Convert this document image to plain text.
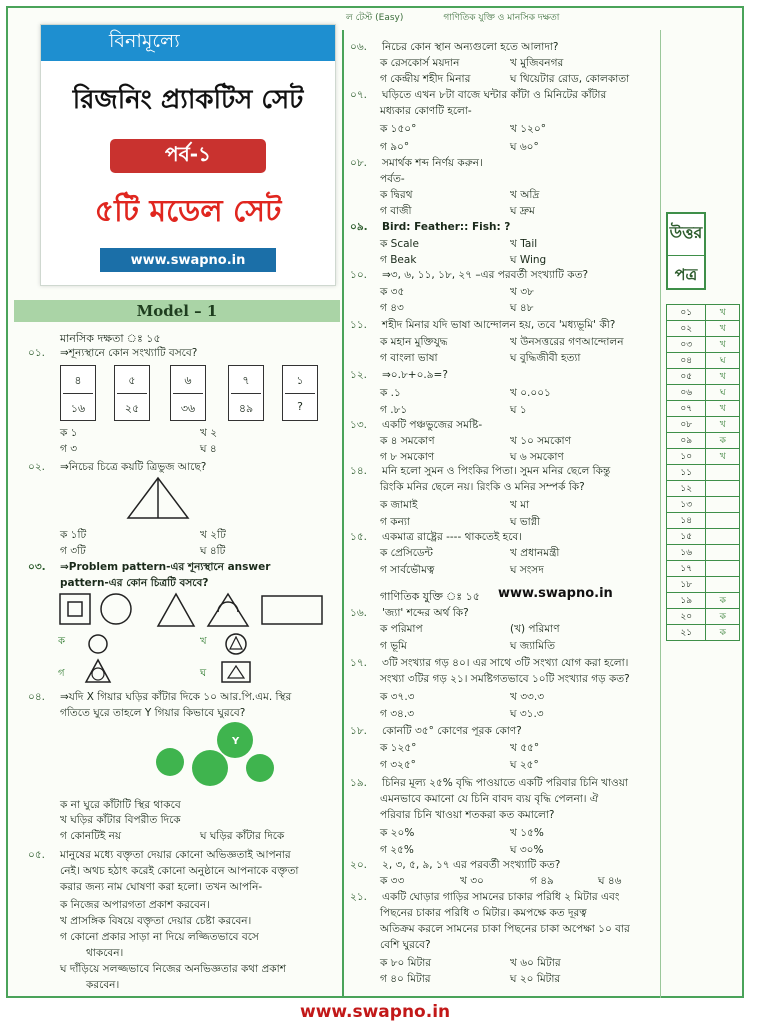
ল টেস্ট (Easy)	গাণিতিক যুক্তি ও মানসিক দক্ষতা
বিনামূল্যে
রিজনিং প্র্যাকটিস সেট
পর্ব-১
৫টি মডেল সেট
www.swapno.in
Model – 1
মানসিক দক্ষতা ঃ ১৫
০১. ⇒শূন্যস্থানে কোন সংখ্যাটি বসবে?
৪
১৬
৫
২৫
৬
৩৬
৭
৪৯
১
?
ক ১	খ ২
গ ৩	ঘ ৪
০২. ⇒নিচের চিত্রে কয়টি ত্রিভুজ আছে?
ক ১টি	খ ২টি
গ ৩টি	ঘ ৪টি
০৩. ⇒Problem pattern-এর শূন্যস্থানে answer
pattern-এর কোন চিত্রটি বসবে?
ক	খ
গ	ঘ
০৪. ⇒যদি X গিয়ার ঘড়ির কাঁটার দিকে ১০ আর.পি.এম. স্থির
গতিতে ঘুরে তাহলে Y গিয়ার কিভাবে ঘুরবে?
Y
ক না ঘুরে কাঁটাটি স্থির থাকবে
খ ঘড়ির কাঁটার বিপরীত দিকে
গ কোনটিই নয়	ঘ ঘড়ির কাঁটার দিকে
০৫. মানুষের মধ্যে বক্তৃতা দেয়ার কোনো অভিজ্ঞতাই আপনার
নেই। অথচ হঠাৎ করেই কোনো অনুষ্ঠানে আপনাকে বক্তৃতা
করার জন্য নাম ঘোষণা করা হলো। তখন আপনি-
ক নিজের অপারগতা প্রকাশ করবেন।
খ প্রাসঙ্গিক বিষয়ে বক্তৃতা দেয়ার চেষ্টা করবেন।
গ কোনো প্রকার সাড়া না দিয়ে লজ্জিতভাবে বসে
থাকবেন।
ঘ দাঁড়িয়ে সলজ্জভাবে নিজের অনভিজ্ঞতার কথা প্রকাশ
করবেন।
০৬. নিচের কোন স্থান অন্যগুলো হতে আলাদা?
ক রেসকোর্স ময়দান	খ মুজিবনগর
গ কেন্দ্রীয় শহীদ মিনার	ঘ থিয়েটার রোড, কোলকাতা
০৭. ঘড়িতে এখন ৮টা বাজে ঘন্টার কাঁটা ও মিনিটের কাঁটার
মধ্যকার কোণটি হলো-
ক ১৫০°	খ ১২০°
গ ৯০°	ঘ ৬০°
০৮. সমার্থক শব্দ নির্ণয় করুন।
পর্বত-
ক দ্বিরথ	খ অদ্রি
গ বাজী	ঘ দ্রুম
০৯. Bird: Feather:: Fish: ?
ক Scale	খ Tail
গ Beak	ঘ Wing
১০. ⇒৩, ৬, ১১, ১৮, ২৭ –এর পরবর্তী সংখ্যাটি কত?
ক ৩৫	খ ৩৮
গ ৪৩	ঘ ৪৮
১১. শহীদ মিনার যদি ভাষা আন্দোলন হয়, তবে 'মধ্যভূমি' কী?
ক মহান মুক্তিযুদ্ধ	খ উনসত্তরের গণআন্দোলন
গ বাংলা ভাষা	ঘ বুদ্ধিজীবী হত্যা
১২. ⇒০.৮+০.৯=?
ক .১	খ ০.০০১
গ .৮১	ঘ ১
১৩. একটি পঞ্চভুজের সমষ্টি-
ক ৪ সমকোণ	খ ১০ সমকোণ
গ ৮ সমকোণ	ঘ ৬ সমকোণ
১৪. মনি হলো সুমন ও পিংকির পিতা। সুমন মনির ছেলে কিন্তু
রিংকি মনির ছেলে নয়। রিংকি ও মনির সম্পর্ক কি?
ক জামাই	খ মা
গ কন্যা	ঘ ভাগ্নী
১৫. একমাত্র রাষ্ট্রের ---- থাকতেই হবে।
ক প্রেসিডেন্ট	খ প্রধানমন্ত্রী
গ সার্বভৌমত্ব	ঘ সংসদ
গাণিতিক যুক্তি ঃ ১৫ www.swapno.in
১৬. 'জ্যা' শব্দের অর্থ কি?
ক পরিমাপ	(খ) পরিমাণ
গ ভূমি	ঘ জ্যামিতি
১৭. ৩টি সংখ্যার গড় ৪০। এর সাথে ৩টি সংখ্যা যোগ করা হলো।
সংখ্যা ৩টির গড় ২১। সমষ্টিগতভাবে ১০টি সংখ্যার গড় কত?
ক ৩৭.৩	খ ৩৩.৩
গ ৩৪.৩	ঘ ৩১.৩
১৮. কোনটি ৩৫° কোণের পূরক কোণ?
ক ১২৫°	খ ৫৫°
গ ৩২৫°	ঘ ২৫°
১৯. চিনির মূল্য ২৫% বৃদ্ধি পাওয়াতে একটি পরিবার চিনি খাওয়া
এমনভাবে কমানো যে চিনি বাবদ ব্যয় বৃদ্ধি পেলনা। ঐ
পরিবার চিনি খাওয়া শতকরা কত কমালো?
ক ২০%	খ ১৫%
গ ২৫%	ঘ ৩০%
২০. ২, ৩, ৫, ৯, ১৭ এর পরবর্তী সংখ্যাটি কত?
ক ৩৩	খ ৩০	গ ৪৯	ঘ ৪৬
২১. একটি ঘোড়ার গাড়ির সামনের চাকার পরিধি ২ মিটার এবং
পিছনের চাকার পরিধি ৩ মিটার। কমপক্ষে কত দূরত্ব
অতিক্রম করলে সামনের চাকা পিছনের চাকা অপেক্ষা ১০ বার
বেশি ঘুরবে?
ক ৮০ মিটার	খ ৬০ মিটার
গ ৪০ মিটার	ঘ ২০ মিটার
উত্তর
পত্র
০১	খ
০২	খ
০৩	খ
০৪	ঘ
০৫	খ
০৬	ঘ
০৭	খ
০৮	খ
০৯	ক
১০	খ
১১	
১২	
১৩	
১৪	
১৫	
১৬	
১৭	
১৮	
১৯	ক
২০	ক
২১	ক
www.swapno.in
